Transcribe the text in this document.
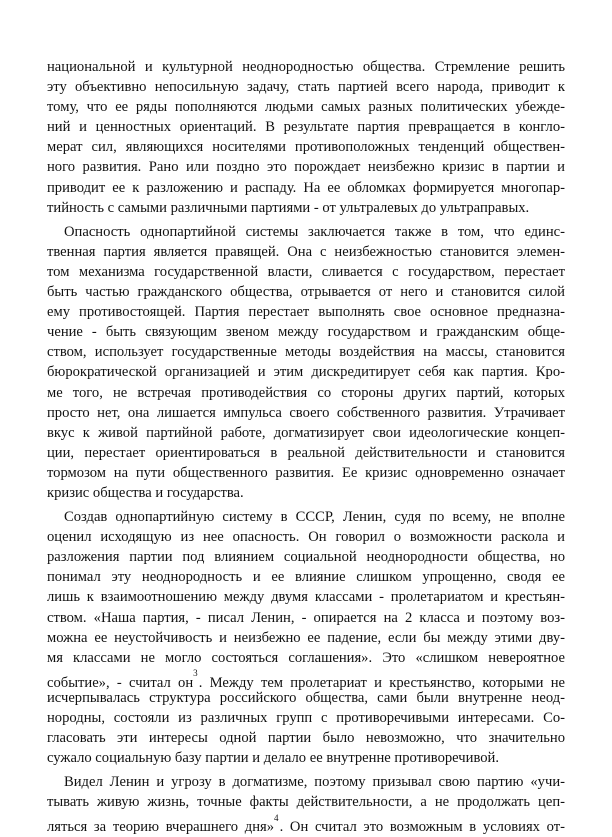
национальной и культурной неоднородностью общества. Стремление решить
эту объективно непосильную задачу, стать партией всего народа, приводит к
тому, что ее ряды пополняются людьми самых разных политических убежде-
ний и ценностных ориентаций. В результате партия превращается в конгло-
мерат сил, являющихся носителями противоположных тенденций обществен-
ного развития. Рано или поздно это порождает неизбежно кризис в партии и
приводит ее к разложению и распаду. На ее обломках формируется многопар-
тийность с самыми различными партиями - от ультралевых до ультраправых.
Опасность однопартийной системы заключается также в том, что единс-
твенная партия является правящей. Она с неизбежностью становится элемен-
том механизма государственной власти, сливается с государством, перестает
быть частью гражданского общества, отрывается от него и становится силой
ему противостоящей. Партия перестает выполнять свое основное предназна-
чение - быть связующим звеном между государством и гражданским обще-
ством, использует государственные методы воздействия на массы, становится
бюрократической организацией и этим дискредитирует себя как партия. Кро-
ме того, не встречая противодействия со стороны других партий, которых
просто нет, она лишается импульса своего собственного развития. Утрачивает
вкус к живой партийной работе, догматизирует свои идеологические концеп-
ции, перестает ориентироваться в реальной действительности и становится
тормозом на пути общественного развития. Ее кризис одновременно означает
кризис общества и государства.
Создав однопартийную систему в СССР, Ленин, судя по всему, не вполне
оценил исходящую из нее опасность. Он говорил о возможности раскола и
разложения партии под влиянием социальной неоднородности общества, но
понимал эту неоднородность и ее влияние слишком упрощенно, сводя ее
лишь к взаимоотношению между двумя классами - пролетариатом и крестьян-
ством. «Наша партия, - писал Ленин, - опирается на 2 класса и поэтому воз-
можна ее неустойчивость и неизбежно ее падение, если бы между этими дву-
мя классами не могло состояться соглашения». Это «слишком невероятное
событие», - считал он$^3$. Между тем пролетариат и крестьянство, которыми не
исчерпывалась структура российского общества, сами были внутренне неод-
нородны, состояли из различных групп с противоречивыми интересами. Со-
гласовать эти интересы одной партии было невозможно, что значительно
сужало социальную базу партии и делало ее внутренне противоречивой.
Видел Ленин и угрозу в догматизме, поэтому призывал свою партию «учи-
тывать живую жизнь, точные факты действительности, а не продолжать цеп-
ляться за теорию вчерашнего дня»$^4$. Он считал это возможным в условиях от-
